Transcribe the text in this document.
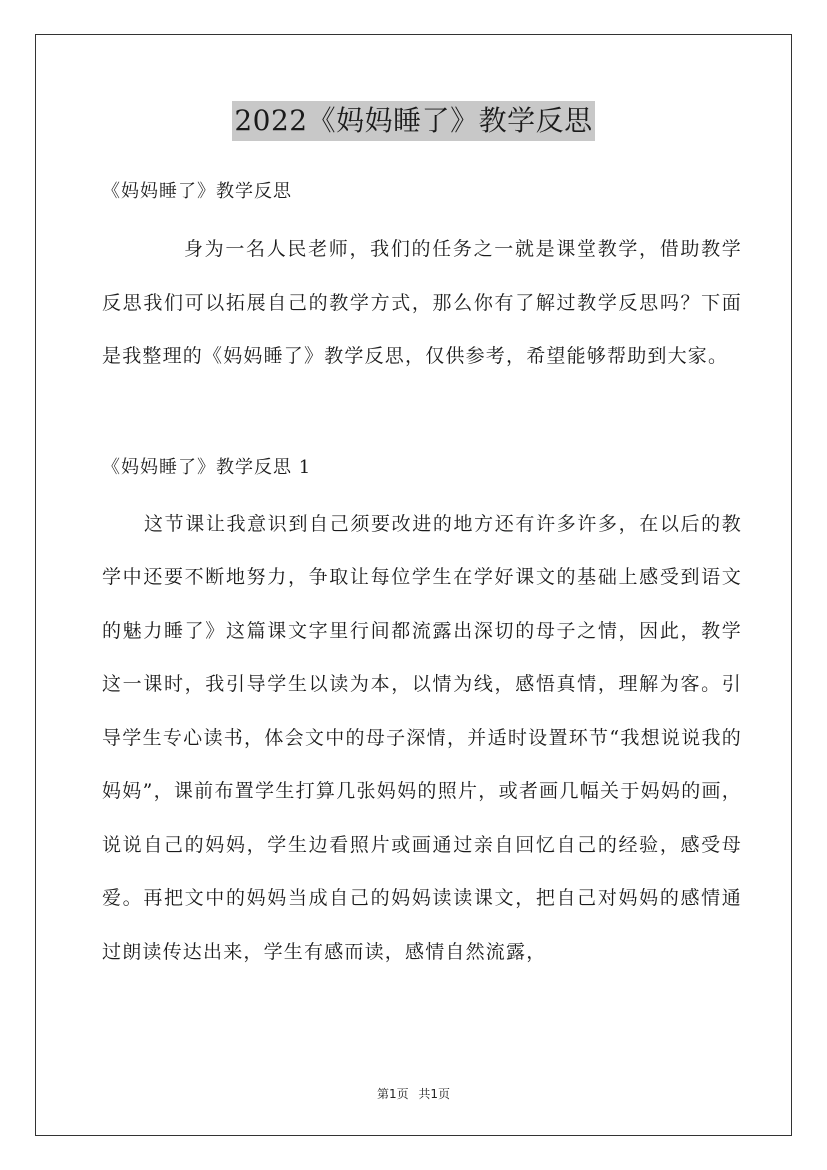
2022《妈妈睡了》教学反思

《妈妈睡了》教学反思

身为一名人民老师，我们的任务之一就是课堂教学，借助教学反思我们可以拓展自己的教学方式，那么你有了解过教学反思吗？下面是我整理的《妈妈睡了》教学反思，仅供参考，希望能够帮助到大家。

《妈妈睡了》教学反思 1

这节课让我意识到自己须要改进的地方还有许多许多，在以后的教学中还要不断地努力，争取让每位学生在学好课文的基础上感受到语文的魅力睡了》这篇课文字里行间都流露出深切的母子之情，因此，教学这一课时，我引导学生以读为本，以情为线，感悟真情，理解为客。引导学生专心读书，体会文中的母子深情，并适时设置环节“我想说说我的妈妈”，课前布置学生打算几张妈妈的照片，或者画几幅关于妈妈的画，说说自己的妈妈，学生边看照片或画通过亲自回忆自己的经验，感受母爱。再把文中的妈妈当成自己的妈妈读读课文，把自己对妈妈的感情通过朗读传达出来，学生有感而读，感情自然流露，

第1页 共1页
